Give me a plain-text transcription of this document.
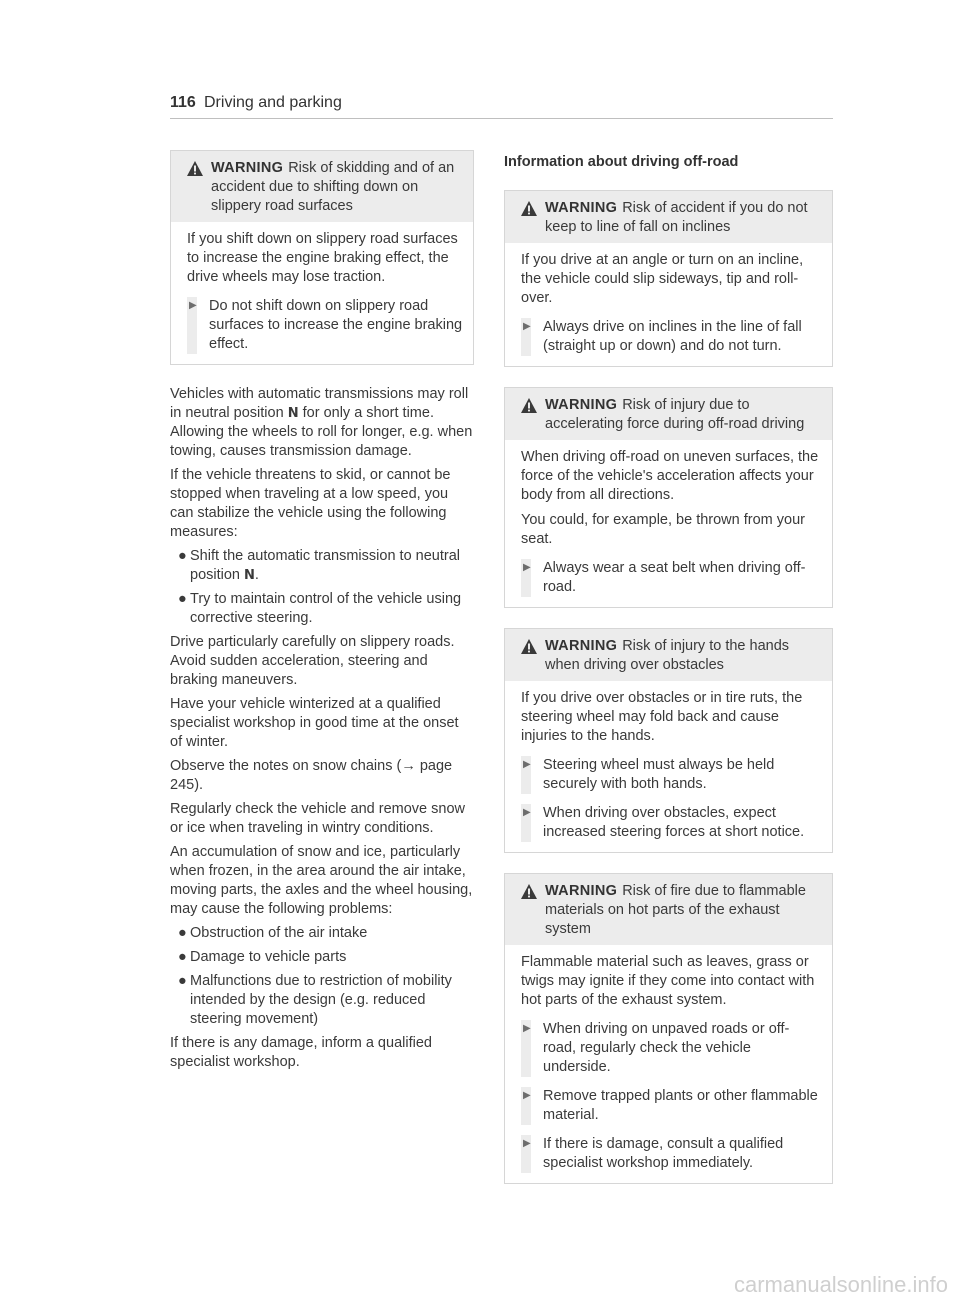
116 Driving and parking
WARNING Risk of skidding and of an accident due to shifting down on slippery road surfaces

If you shift down on slippery road surfaces to increase the engine braking effect, the drive wheels may lose traction.

▶ Do not shift down on slippery road surfaces to increase the engine braking effect.

Vehicles with automatic transmissions may roll in neutral position N for only a short time. Allowing the wheels to roll for longer, e.g. when towing, causes transmission damage.

If the vehicle threatens to skid, or cannot be stopped when traveling at a low speed, you can stabilize the vehicle using the following measures:

● Shift the automatic transmission to neutral position N.
● Try to maintain control of the vehicle using corrective steering.

Drive particularly carefully on slippery roads. Avoid sudden acceleration, steering and braking maneuvers.

Have your vehicle winterized at a qualified specialist workshop in good time at the onset of winter.

Observe the notes on snow chains (→ page 245).

Regularly check the vehicle and remove snow or ice when traveling in wintry conditions.

An accumulation of snow and ice, particularly when frozen, in the area around the air intake, moving parts, the axles and the wheel housing, may cause the following problems:

● Obstruction of the air intake
● Damage to vehicle parts
● Malfunctions due to restriction of mobility intended by the design (e.g. reduced steering movement)

If there is any damage, inform a qualified specialist workshop.

Information about driving off-road
WARNING Risk of accident if you do not keep to line of fall on inclines

If you drive at an angle or turn on an incline, the vehicle could slip sideways, tip and roll-over.

▶ Always drive on inclines in the line of fall (straight up or down) and do not turn.
WARNING Risk of injury due to accelerating force during off-road driving

When driving off-road on uneven surfaces, the force of the vehicle's acceleration affects your body from all directions.

You could, for example, be thrown from your seat.

▶ Always wear a seat belt when driving off-road.
WARNING Risk of injury to the hands when driving over obstacles

If you drive over obstacles or in tire ruts, the steering wheel may fold back and cause injuries to the hands.

▶ Steering wheel must always be held securely with both hands.
▶ When driving over obstacles, expect increased steering forces at short notice.
WARNING Risk of fire due to flammable materials on hot parts of the exhaust system

Flammable material such as leaves, grass or twigs may ignite if they come into contact with hot parts of the exhaust system.

▶ When driving on unpaved roads or off-road, regularly check the vehicle underside.
▶ Remove trapped plants or other flammable material.
▶ If there is damage, consult a qualified specialist workshop immediately.
carmanualsonline.info
